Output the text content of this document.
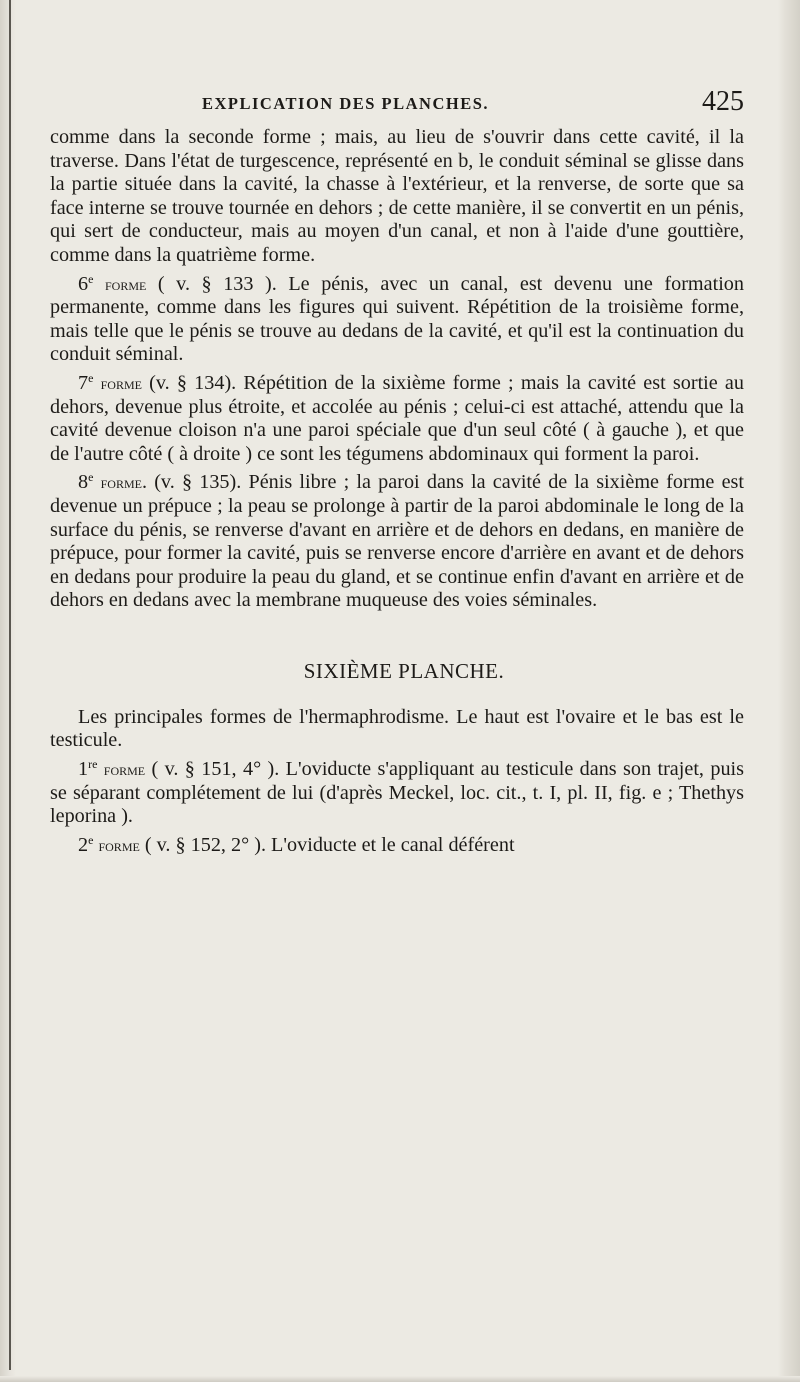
EXPLICATION DES PLANCHES.	425

comme dans la seconde forme ; mais, au lieu de s'ouvrir dans cette cavité, il la traverse. Dans l'état de turgescence, représenté en b, le conduit séminal se glisse dans la partie située dans la cavité, la chasse à l'extérieur, et la renverse, de sorte que sa face interne se trouve tournée en dehors ; de cette manière, il se convertit en un pénis, qui sert de conducteur, mais au moyen d'un canal, et non à l'aide d'une gouttière, comme dans la quatrième forme.

6e forme ( v. § 133 ). Le pénis, avec un canal, est devenu une formation permanente, comme dans les figures qui suivent. Répétition de la troisième forme, mais telle que le pénis se trouve au dedans de la cavité, et qu'il est la continuation du conduit séminal.

7e forme (v. § 134). Répétition de la sixième forme ; mais la cavité est sortie au dehors, devenue plus étroite, et accolée au pénis ; celui-ci est attaché, attendu que la cavité devenue cloison n'a une paroi spéciale que d'un seul côté ( à gauche ), et que de l'autre côté ( à droite ) ce sont les tégumens abdominaux qui forment la paroi.

8e forme. (v. § 135). Pénis libre ; la paroi dans la cavité de la sixième forme est devenue un prépuce ; la peau se prolonge à partir de la paroi abdominale le long de la surface du pénis, se renverse d'avant en arrière et de dehors en dedans, en manière de prépuce, pour former la cavité, puis se renverse encore d'arrière en avant et de dehors en dedans pour produire la peau du gland, et se continue enfin d'avant en arrière et de dehors en dedans avec la membrane muqueuse des voies séminales.

SIXIÈME PLANCHE.

Les principales formes de l'hermaphrodisme. Le haut est l'ovaire et le bas est le testicule.

1re forme ( v. § 151, 4° ). L'oviducte s'appliquant au testicule dans son trajet, puis se séparant complétement de lui (d'après Meckel, loc. cit., t. I, pl. II, fig. e ; Thethys leporina ).

2e forme ( v. § 152, 2° ). L'oviducte et le canal déférent
